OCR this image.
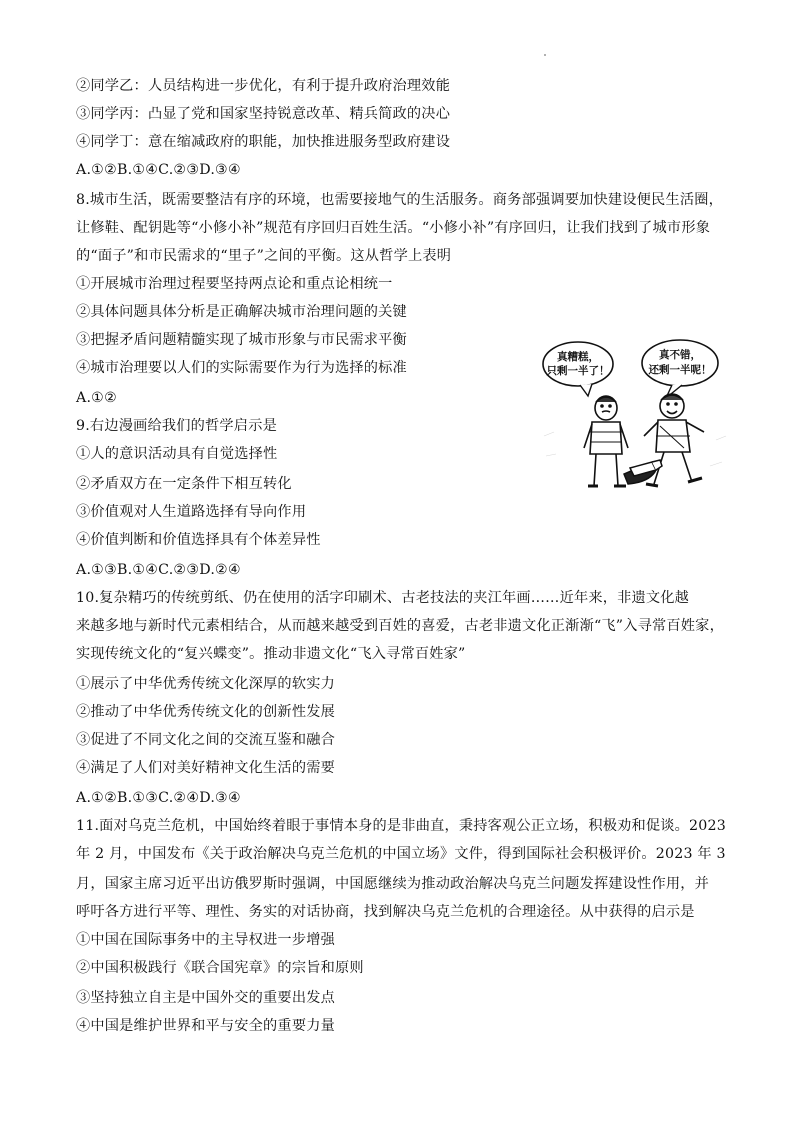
②同学乙：人员结构进一步优化，有利于提升政府治理效能
③同学丙：凸显了党和国家坚持锐意改革、精兵简政的决心
④同学丁：意在缩减政府的职能，加快推进服务型政府建设
A.①②B.①④C.②③D.③④
8.城市生活，既需要整洁有序的环境，也需要接地气的生活服务。商务部强调要加快建设便民生活圈，
让修鞋、配钥匙等“小修小补”规范有序回归百姓生活。“小修小补”有序回归，让我们找到了城市形象
的“面子”和市民需求的“里子”之间的平衡。这从哲学上表明
①开展城市治理过程要坚持两点论和重点论相统一
②具体问题具体分析是正确解决城市治理问题的关键
③把握矛盾问题精髓实现了城市形象与市民需求平衡
④城市治理要以人们的实际需要作为行为选择的标准
A.①②
9.右边漫画给我们的哲学启示是
①人的意识活动具有自觉选择性
②矛盾双方在一定条件下相互转化
③价值观对人生道路选择有导向作用
④价值判断和价值选择具有个体差异性
A.①③B.①④C.②③D.②④
10.复杂精巧的传统剪纸、仍在使用的活字印刷术、古老技法的夹江年画……近年来，非遗文化越
来越多地与新时代元素相结合，从而越来越受到百姓的喜爱，古老非遗文化正渐渐“飞”入寻常百姓家，
实现传统文化的“复兴蝶变”。推动非遗文化“飞入寻常百姓家”
①展示了中华优秀传统文化深厚的软实力
②推动了中华优秀传统文化的创新性发展
③促进了不同文化之间的交流互鉴和融合
④满足了人们对美好精神文化生活的需要
A.①②B.①③C.②④D.③④
11.面对乌克兰危机，中国始终着眼于事情本身的是非曲直，秉持客观公正立场，积极劝和促谈。2023
年 2 月，中国发布《关于政治解决乌克兰危机的中国立场》文件，得到国际社会积极评价。2023 年 3
月，国家主席习近平出访俄罗斯时强调，中国愿继续为推动政治解决乌克兰问题发挥建设性作用，并
呼吁各方进行平等、理性、务实的对话协商，找到解决乌克兰危机的合理途径。从中获得的启示是
①中国在国际事务中的主导权进一步增强
②中国积极践行《联合国宪章》的宗旨和原则
③坚持独立自主是中国外交的重要出发点
④中国是维护世界和平与安全的重要力量
真糟糕，
只剩一半了！
真不错，
还剩一半呢！
